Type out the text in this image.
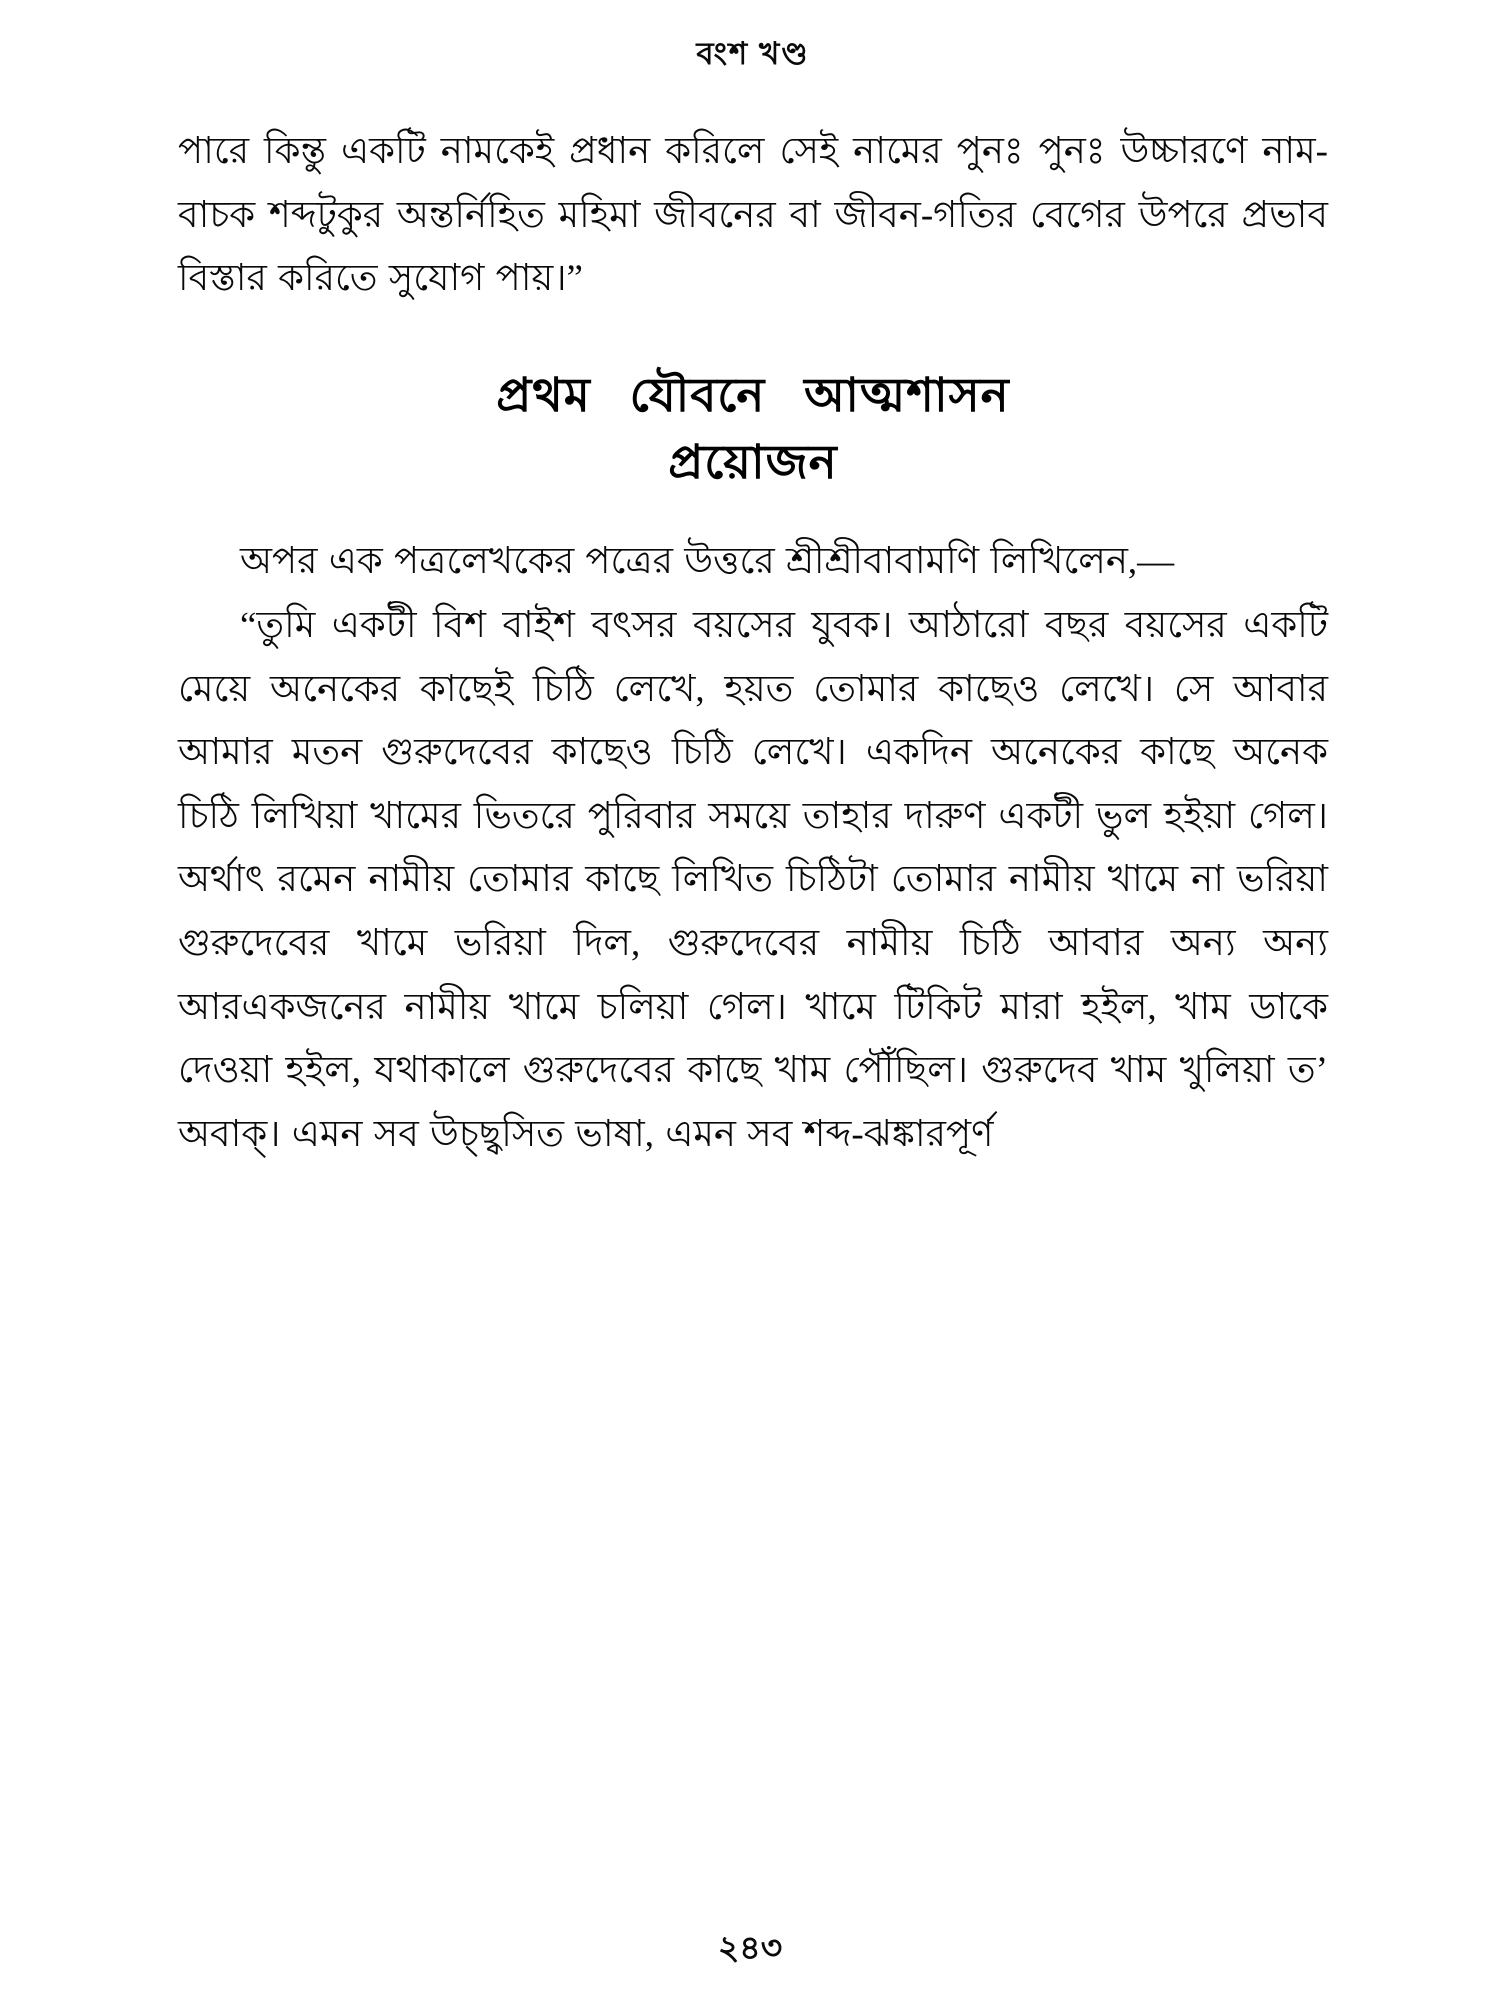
বংশ খণ্ড

পারে কিন্তু একটি নামকেই প্রধান করিলে সেই নামের পুনঃ পুনঃ উচ্চারণে নাম-বাচক শব্দটুকুর অন্তর্নিহিত মহিমা জীবনের বা জীবন-গতির বেগের উপরে প্রভাব বিস্তার করিতে সুযোগ পায়।”

প্রথম যৌবনে আত্মশাসন
প্রয়োজন

অপর এক পত্রলেখকের পত্রের উত্তরে শ্রীশ্রীবাবামণি লিখিলেন,—

“তুমি একটী বিশ বাইশ বৎসর বয়সের যুবক। আঠারো বছর বয়সের একটি মেয়ে অনেকের কাছেই চিঠি লেখে, হয়ত তোমার কাছেও লেখে। সে আবার আমার মতন গুরুদেবের কাছেও চিঠি লেখে। একদিন অনেকের কাছে অনেক চিঠি লিখিয়া খামের ভিতরে পুরিবার সময়ে তাহার দারুণ একটী ভুল হইয়া গেল। অর্থাৎ রমেন নামীয় তোমার কাছে লিখিত চিঠিটা তোমার নামীয় খামে না ভরিয়া গুরুদেবের খামে ভরিয়া দিল, গুরুদেবের নামীয় চিঠি আবার অন্য অন্য আরএকজনের নামীয় খামে চলিয়া গেল। খামে টিকিট মারা হইল, খাম ডাকে দেওয়া হইল, যথাকালে গুরুদেবের কাছে খাম পৌঁছিল। গুরুদেব খাম খুলিয়া ত’ অবাক্‌। এমন সব উচ্ছ্বসিত ভাষা, এমন সব শব্দ-ঝঙ্কারপূর্ণ

২৪৩
